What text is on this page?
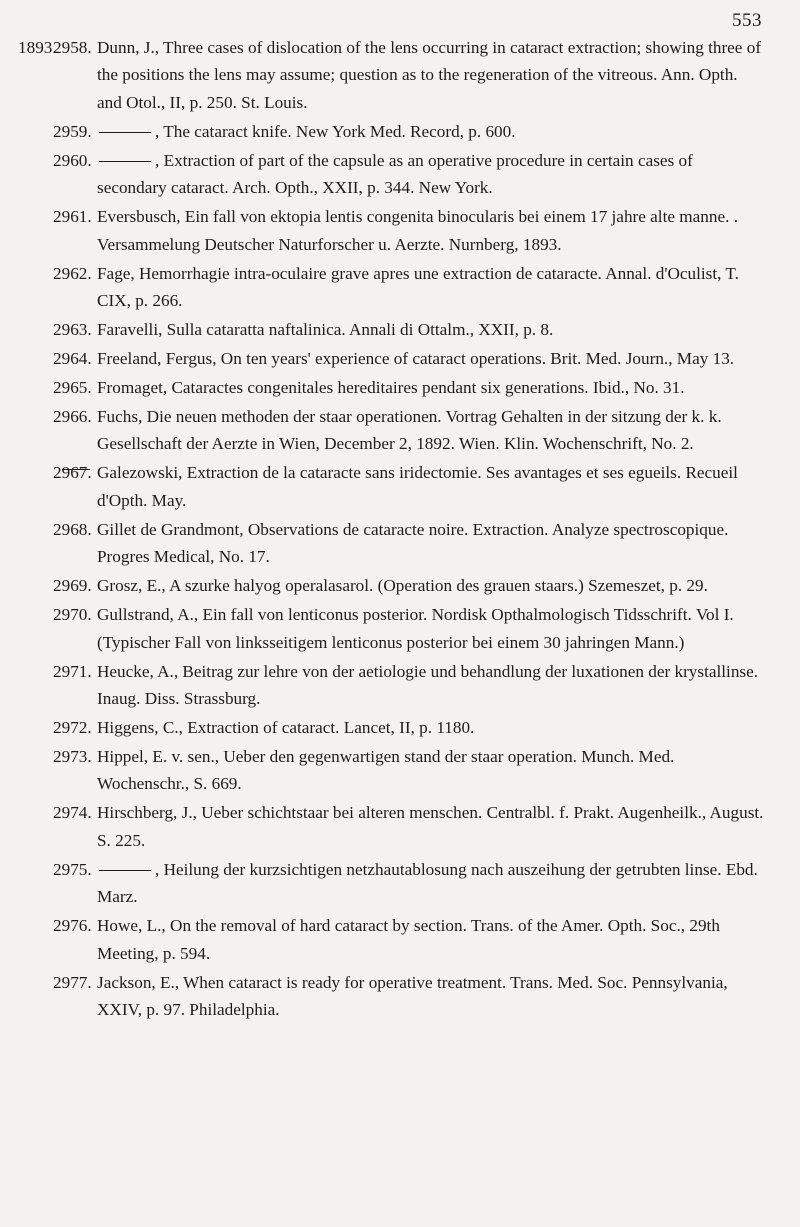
553
1893.
2958. Dunn, J., Three cases of dislocation of the lens occurring in cataract extraction; showing three of the positions the lens may assume; question as to the regeneration of the vitreous. Ann. Opth. and Otol., II, p. 250. St. Louis.
2959.	, The cataract knife. New York Med. Record, p. 600.
2960.	, Extraction of part of the capsule as an operative procedure in certain cases of secondary cataract. Arch. Opth., XXII, p. 344. New York.
2961. Eversbusch, Ein fall von ektopia lentis congenita binocularis bei einem 17 jahre alte manne. . Versammelung Deutscher Naturforscher u. Aerzte. Nurnberg, 1893.
2962. Fage, Hemorrhagie intra-oculaire grave apres une extraction de cataracte. Annal. d'Oculist, T. CIX, p. 266.
2963. Faravelli, Sulla cataratta naftalinica. Annali di Ottalm., XXII, p. 8.
2964. Freeland, Fergus, On ten years' experience of cataract operations. Brit. Med. Journ., May 13.
2965. Fromaget, Cataractes congenitales hereditaires pendant six generations. Ibid., No. 31.
2966. Fuchs, Die neuen methoden der staar operationen. Vortrag Gehalten in der sitzung der k. k. Gesellschaft der Aerzte in Wien, December 2, 1892. Wien. Klin. Wochenschrift, No. 2.
2967. Galezowski, Extraction de la cataracte sans iridectomie. Ses avantages et ses egueils. Recueil d'Opth. May.
2968. Gillet de Grandmont, Observations de cataracte noire. Extraction. Analyze spectroscopique. Progres Medical, No. 17.
2969. Grosz, E., A szurke halyog operalasarol. (Operation des grauen staars.) Szemeszet, p. 29.
2970. Gullstrand, A., Ein fall von lenticonus posterior. Nordisk Opthalmologisch Tidsschrift. Vol I. (Typischer Fall von linksseitigem lenticonus posterior bei einem 30 jahringen Mann.)
2971. Heucke, A., Beitrag zur lehre von der aetiologie und behandlung der luxationen der krystallinse. Inaug. Diss. Strassburg.
2972. Higgens, C., Extraction of cataract. Lancet, II, p. 1180.
2973. Hippel, E. v. sen., Ueber den gegenwartigen stand der staar operation. Munch. Med. Wochenschr., S. 669.
2974. Hirschberg, J., Ueber schichtstaar bei alteren menschen. Centralbl. f. Prakt. Augenheilk., August. S. 225.
2975.	, Heilung der kurzsichtigen netzhautablosung nach auszeihung der getrubten linse. Ebd. Marz.
2976. Howe, L., On the removal of hard cataract by section. Trans. of the Amer. Opth. Soc., 29th Meeting, p. 594.
2977. Jackson, E., When cataract is ready for operative treatment. Trans. Med. Soc. Pennsylvania, XXIV, p. 97. Philadelphia.
